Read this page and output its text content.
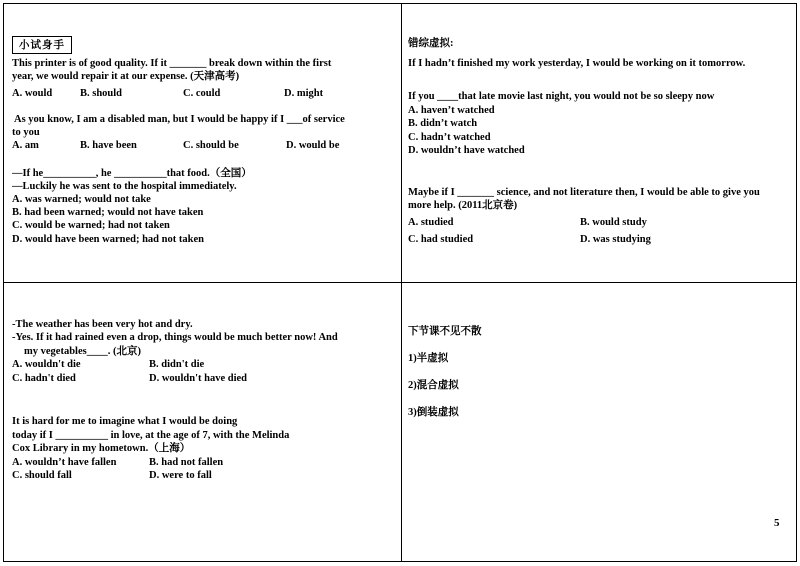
小试身手
This printer is of good quality. If it _______ break down within the first
year, we would repair it at our expense. (天津高考)
A. would	B. should	C. could	D. might
As you know, I am a disabled man, but I would be happy if I ___of service
to you
A. am	B. have been	C. should be	D. would be
—If he__________, he __________that food.（全国）
—Luckily he was sent to the hospital immediately.
A. was warned; would not take
B. had been warned; would not have taken
C. would be warned; had not taken
D. would have been warned; had not taken
错综虚拟:
If I hadn’t finished my work yesterday, I would be working on it tomorrow.
If you ____that late movie last night, you would not be so sleepy now
A. haven’t watched
B. didn’t watch
C. hadn’t watched
D. wouldn’t have watched
Maybe if I _______ science, and not literature then, I would be able to give you
more help. (2011北京卷)
A. studied	B. would study
C. had studied	D. was studying
-The weather has been very hot and dry.
-Yes. If it had rained even a drop, things would be much better now! And
my vegetables____. (北京)
A. wouldn't die	B. didn't die
C. hadn't died	D. wouldn't have died
It is hard for me to imagine what I would be doing
today if I __________ in love, at the age of 7, with the Melinda
Cox Library in my hometown.（上海）
A. wouldn’t have fallen	B. had not fallen
C. should fall	D. were to fall
下节课不见不散
1)半虚拟
2)混合虚拟
3)倒装虚拟
5
